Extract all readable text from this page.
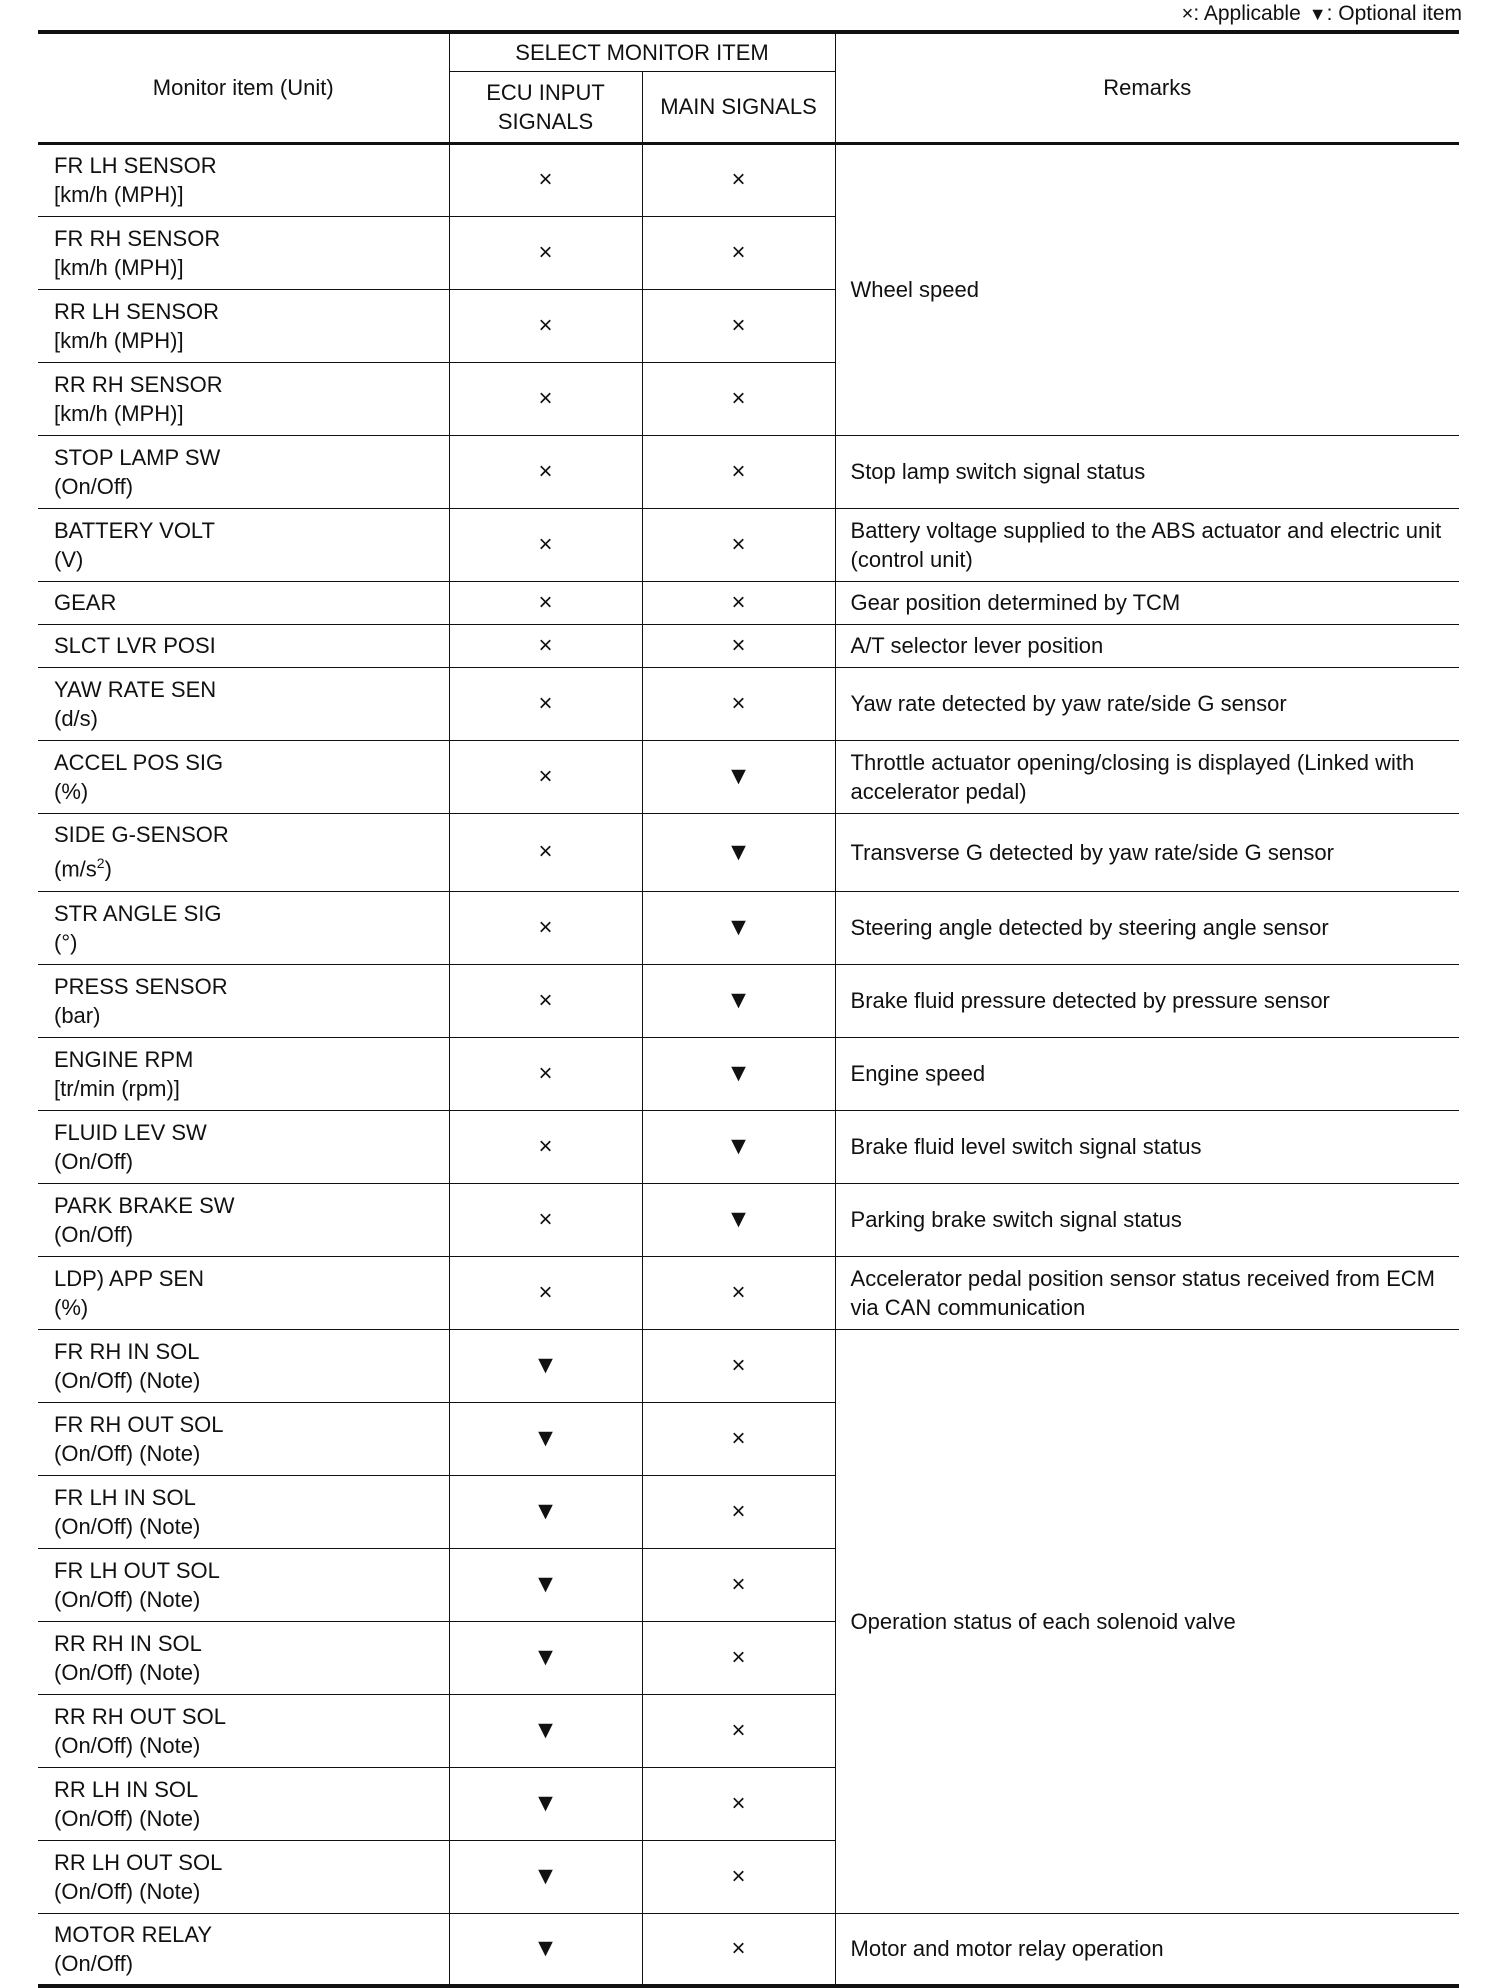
×: Applicable ▼: Optional item
Monitor item (Unit)	SELECT MONITOR ITEM		Remarks
	ECU INPUT SIGNALS	MAIN SIGNALS	

FR LH SENSOR
[km/h (MPH)]	×	×	Wheel speed

FR RH SENSOR
[km/h (MPH)]	×	×	

RR LH SENSOR
[km/h (MPH)]	×	×	

RR RH SENSOR
[km/h (MPH)]	×	×	

STOP LAMP SW
(On/Off)	×	×	Stop lamp switch signal status

BATTERY VOLT
(V)	×	×	Battery voltage supplied to the ABS actuator and electric unit (control unit)

GEAR	×	×	Gear position determined by TCM

SLCT LVR POSI	×	×	A/T selector lever position

YAW RATE SEN
(d/s)	×	×	Yaw rate detected by yaw rate/side G sensor

ACCEL POS SIG
(%)	×	▼	Throttle actuator opening/closing is displayed (Linked with accelerator pedal)

SIDE G-SENSOR
$(m/s^2)$	×	▼	Transverse G detected by yaw rate/side G sensor

STR ANGLE SIG
(°)	×	▼	Steering angle detected by steering angle sensor

PRESS SENSOR
(bar)	×	▼	Brake fluid pressure detected by pressure sensor

ENGINE RPM
[tr/min (rpm)]	×	▼	Engine speed

FLUID LEV SW
(On/Off)	×	▼	Brake fluid level switch signal status

PARK BRAKE SW
(On/Off)	×	▼	Parking brake switch signal status

LDP) APP SEN
(%)	×	×	Accelerator pedal position sensor status received from ECM via CAN communication

FR RH IN SOL
(On/Off) (Note)	▼	×	Operation status of each solenoid valve

FR RH OUT SOL
(On/Off) (Note)	▼	×	

FR LH IN SOL
(On/Off) (Note)	▼	×	

FR LH OUT SOL
(On/Off) (Note)	▼	×	

RR RH IN SOL
(On/Off) (Note)	▼	×	

RR RH OUT SOL
(On/Off) (Note)	▼	×	

RR LH IN SOL
(On/Off) (Note)	▼	×	

RR LH OUT SOL
(On/Off) (Note)	▼	×	

MOTOR RELAY
(On/Off)	▼	×	Motor and motor relay operation
